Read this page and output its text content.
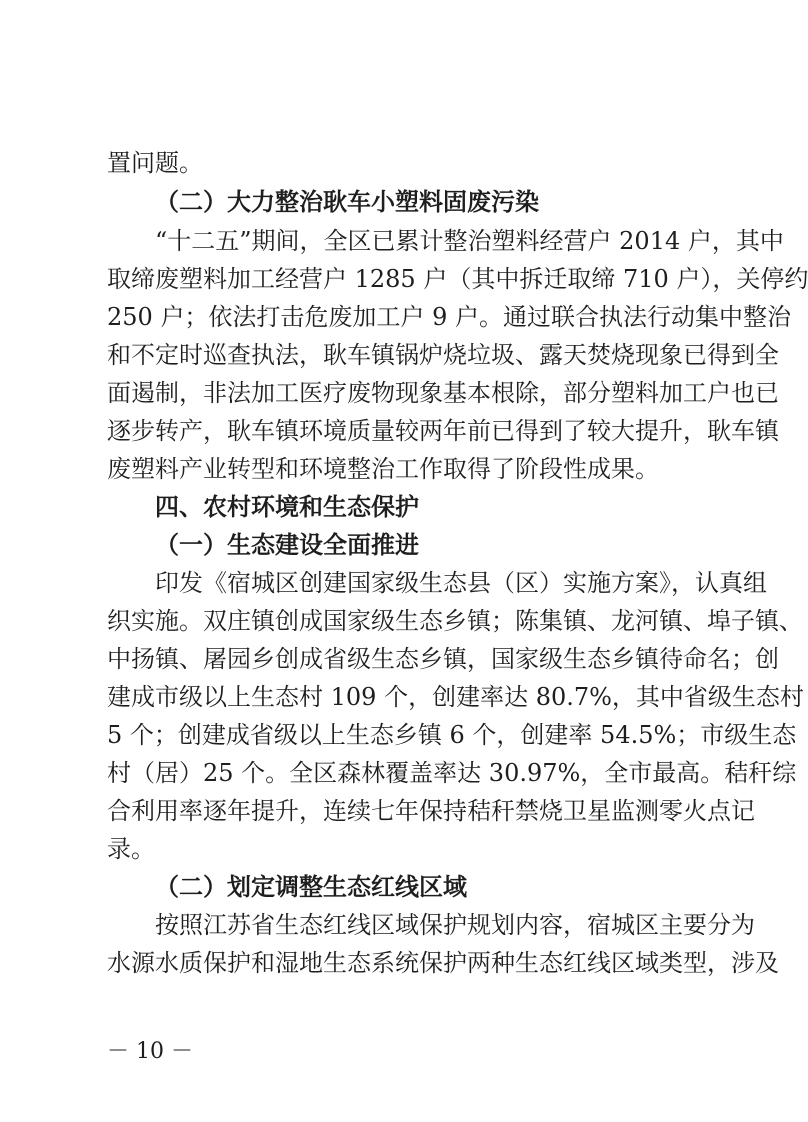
置问题。
（二）大力整治耿车小塑料固废污染
“十二五”期间，全区已累计整治塑料经营户 2014 户，其中
取缔废塑料加工经营户 1285 户（其中拆迁取缔 710 户），关停约
250 户；依法打击危废加工户 9 户。通过联合执法行动集中整治
和不定时巡查执法，耿车镇锅炉烧垃圾、露天焚烧现象已得到全
面遏制，非法加工医疗废物现象基本根除，部分塑料加工户也已
逐步转产，耿车镇环境质量较两年前已得到了较大提升，耿车镇
废塑料产业转型和环境整治工作取得了阶段性成果。
四、农村环境和生态保护
（一）生态建设全面推进
印发《宿城区创建国家级生态县（区）实施方案》，认真组
织实施。双庄镇创成国家级生态乡镇；陈集镇、龙河镇、埠子镇、
中扬镇、屠园乡创成省级生态乡镇，国家级生态乡镇待命名；创
建成市级以上生态村 109 个，创建率达 80.7%，其中省级生态村
5 个；创建成省级以上生态乡镇 6 个，创建率 54.5%；市级生态
村（居）25 个。全区森林覆盖率达 30.97%，全市最高。秸秆综
合利用率逐年提升，连续七年保持秸秆禁烧卫星监测零火点记
录。
（二）划定调整生态红线区域
按照江苏省生态红线区域保护规划内容，宿城区主要分为
水源水质保护和湿地生态系统保护两种生态红线区域类型，涉及
－ 10 －
